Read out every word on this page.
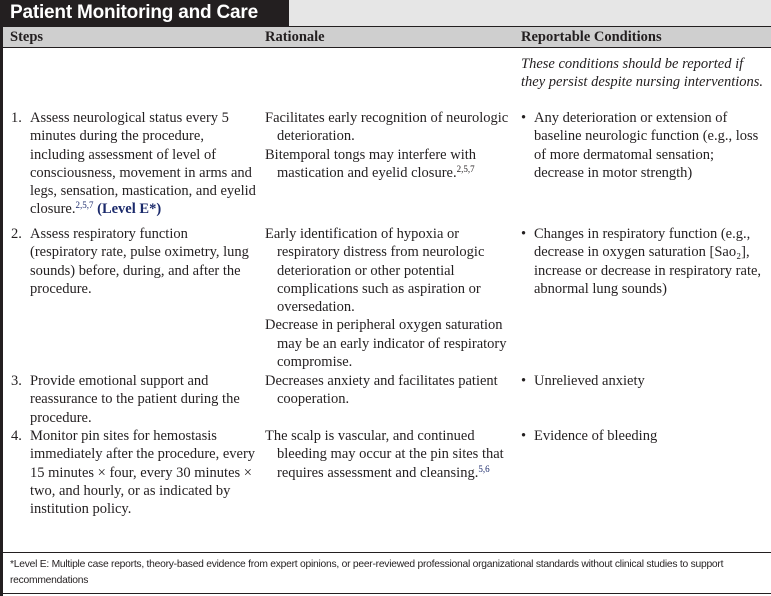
Patient Monitoring and Care
Steps	Rationale	Reportable Conditions
These conditions should be reported if they persist despite nursing interventions.
1. Assess neurological status every 5 minutes during the procedure, including assessment of level of consciousness, movement in arms and legs, sensation, mastication, and eyelid closure.$^{2,5,7}$ (Level E*)

Facilitates early recognition of neurologic deterioration.

Bitemporal tongs may interfere with mastication and eyelid closure.$^{2,5,7}$

• Any deterioration or extension of baseline neurologic function (e.g., loss of more dermatomal sensation; decrease in motor strength)
2. Assess respiratory function (respiratory rate, pulse oximetry, lung sounds) before, during, and after the procedure.

Early identification of hypoxia or respiratory distress from neurologic deterioration or other potential complications such as aspiration or oversedation.

Decrease in peripheral oxygen saturation may be an early indicator of respiratory compromise.

• Changes in respiratory function (e.g., decrease in oxygen saturation [Sao₂], increase or decrease in respiratory rate, abnormal lung sounds)
3. Provide emotional support and reassurance to the patient during the procedure.

Decreases anxiety and facilitates patient cooperation.

• Unrelieved anxiety
4. Monitor pin sites for hemostasis immediately after the procedure, every 15 minutes × four, every 30 minutes × two, and hourly, or as indicated by institution policy.

The scalp is vascular, and continued bleeding may occur at the pin sites that requires assessment and cleansing.$^{5,6}$

• Evidence of bleeding
*Level E: Multiple case reports, theory-based evidence from expert opinions, or peer-reviewed professional organizational standards without clinical studies to support recommendations
